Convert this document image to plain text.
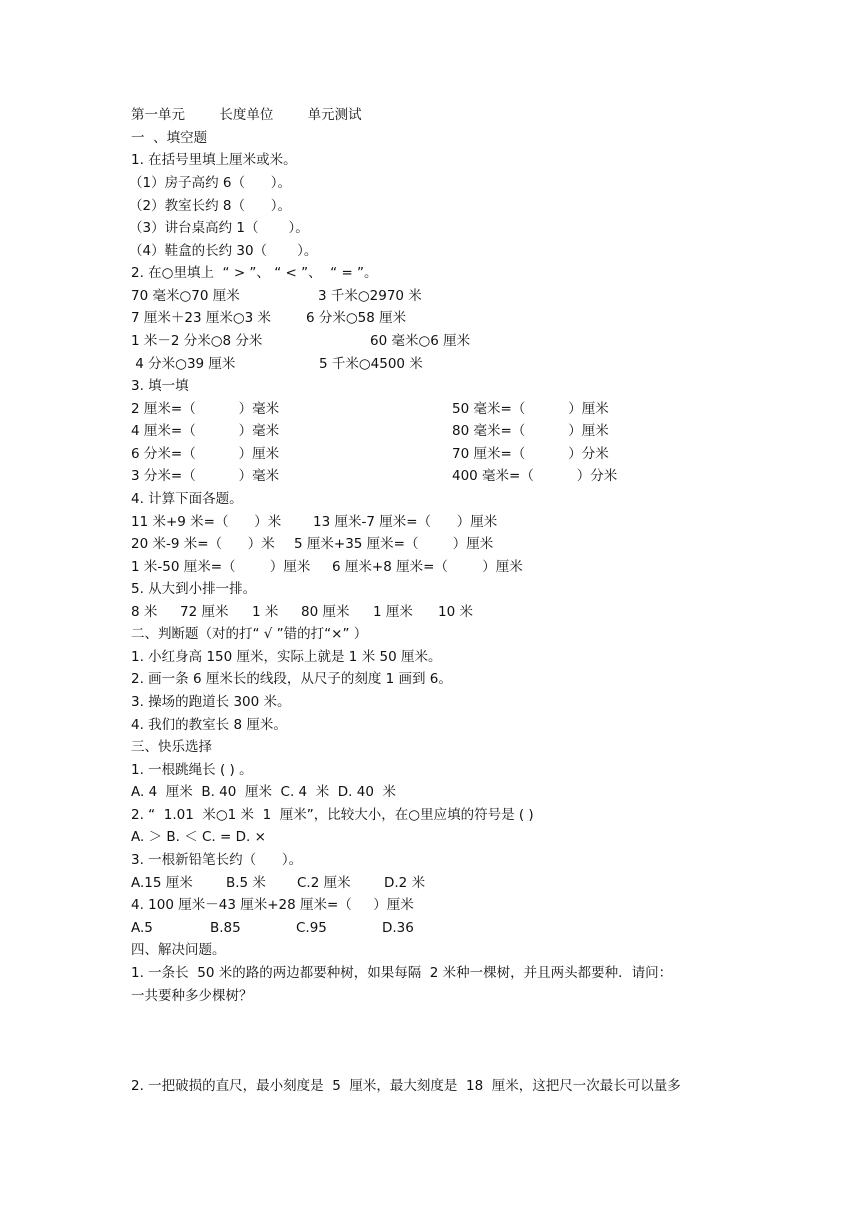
第一单元        长度单位        单元测试
一  、填空题
1. 在括号里填上厘米或米。
（1）房子高约 6（      ）。
（2）教室长约 8（      ）。
（3）讲台桌高约 1（       ）。
（4）鞋盒的长约 30（       ）。
2. 在○里填上  “ > ”、 “ < ”、  “ = ”。
70 毫米○70 厘米	3 千米○2970 米
7 厘米＋23 厘米○3 米	6 分米○58 厘米
1 米－2 分米○8 分米	60 毫米○6 厘米
4 分米○39 厘米	5 千米○4500 米
3. 填一填
2 厘米=（          ）毫米	50 毫米=（          ）厘米
4 厘米=（          ）毫米	80 毫米=（          ）厘米
6 分米=（          ）厘米	70 厘米=（          ）分米
3 分米=（          ）毫米	400 毫米=（          ）分米
4. 计算下面各题。
11 米+9 米=（      ）米 13 厘米-7 厘米=（      ）厘米
20 米-9 米=（      ）米 5 厘米+35 厘米=（        ）厘米
1 米-50 厘米=（        ）厘米 6 厘米+8 厘米=（        ）厘米
5. 从大到小排一排。
8 米 72 厘米 1 米 80 厘米 1 厘米 10 米
二、判断题（对的打“ √ ”错的打“×” ）
1. 小红身高 150 厘米，实际上就是 1 米 50 厘米。
2. 画一条 6 厘米长的线段，从尺子的刻度 1 画到 6。
3. 操场的跑道长 300 米。
4. 我们的教室长 8 厘米。
三、快乐选择
1. 一根跳绳长 ( ) 。
A. 4  厘米  B. 40  厘米  C. 4  米  D. 40  米
2. “  1.01  米○1 米  1  厘米”，比较大小，在○里应填的符号是 ( )
A. ＞ B. ＜ C. = D. ×
3. 一根新铅笔长约（      ）。
A.15 厘米 B.5 米 C.2 厘米 D.2 米
4. 100 厘米－43 厘米+28 厘米=（     ）厘米
A.5	B.85	C.95	D.36
四、解决问题。
1. 一条长  50 米的路的两边都要种树，如果每隔  2 米种一棵树，并且两头都要种．请问：
一共要种多少棵树？
2. 一把破损的直尺，最小刻度是  5  厘米，最大刻度是  18  厘米，这把尺一次最长可以量多
